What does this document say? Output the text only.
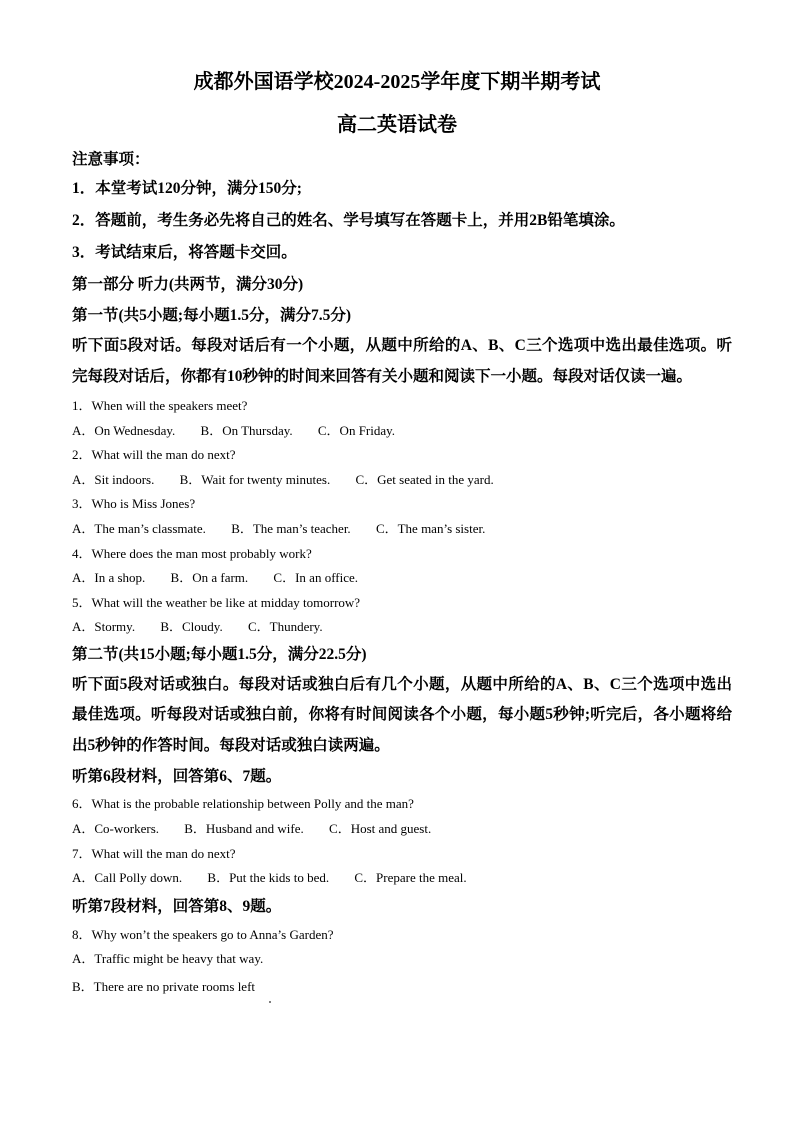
成都外国语学校2024-2025学年度下期半期考试
高二英语试卷
注意事项：
1．本堂考试120分钟，满分150分;
2．答题前，考生务必先将自己的姓名、学号填写在答题卡上，并用2B铅笔填涂。
3．考试结束后，将答题卡交回。
第一部分 听力(共两节，满分30分)
第一节(共5小题;每小题1.5分，满分7.5分)
听下面5段对话。每段对话后有一个小题，从题中所给的A、B、C三个选项中选出最佳选项。听完每段对话后，你都有10秒钟的时间来回答有关小题和阅读下一小题。每段对话仅读一遍。
1．When will the speakers meet?
A．On Wednesday. B．On Thursday. C．On Friday.
2．What will the man do next?
A．Sit indoors. B．Wait for twenty minutes. C．Get seated in the yard.
3．Who is Miss Jones?
A．The man’s classmate. B．The man’s teacher. C．The man’s sister.
4．Where does the man most probably work?
A．In a shop. B．On a farm. C．In an office.
5．What will the weather be like at midday tomorrow?
A．Stormy. B．Cloudy. C．Thundery.
第二节(共15小题;每小题1.5分，满分22.5分)
听下面5段对话或独白。每段对话或独白后有几个小题，从题中所给的A、B、C三个选项中选出最佳选项。听每段对话或独白前，你将有时间阅读各个小题，每小题5秒钟;听完后，各小题将给出5秒钟的作答时间。每段对话或独白读两遍。
听第6段材料，回答第6、7题。
6．What is the probable relationship between Polly and the man?
A．Co-workers. B．Husband and wife. C．Host and guest.
7．What will the man do next?
A．Call Polly down. B．Put the kids to bed. C．Prepare the meal.
听第7段材料，回答第8、9题。
8．Why won’t the speakers go to Anna’s Garden?
A．Traffic might be heavy that way.
B．There are no private rooms left
